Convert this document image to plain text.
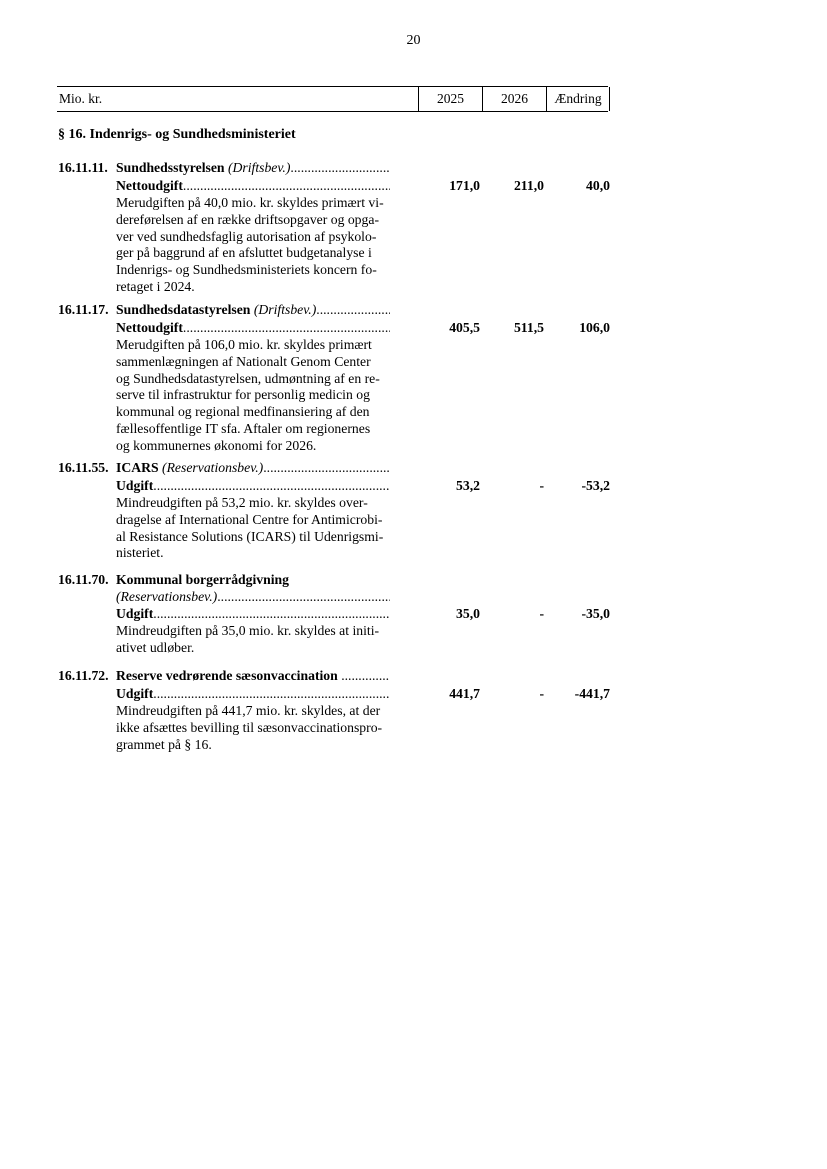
20
Mio. kr.	2025	2026	Ændring
§ 16. Indenrigs- og Sundhedsministeriet
16.11.11. Sundhedsstyrelsen (Driftsbev.)
.....
Nettoudgift .....	171,0	211,0	40,0

Merudgiften på 40,0 mio. kr. skyldes primært vi-

dereførelsen af en række driftsopgaver og opga-

ver ved sundhedsfaglig autorisation af psykolo-

ger på baggrund af en afsluttet budgetanalyse i

Indenrigs- og Sundhedsministeriets koncern fo-

retaget i 2024.

16.11.17. Sundhedsdatastyrelsen (Driftsbev.)
.....
Nettoudgift .....	405,5	511,5	106,0

Merudgiften på 106,0 mio. kr. skyldes primært

sammenlægningen af Nationalt Genom Center

og Sundhedsdatastyrelsen, udmøntning af en re-

serve til infrastruktur for personlig medicin og

kommunal og regional medfinansiering af den

fællesoffentlige IT sfa. Aftaler om regionernes

og kommunernes økonomi for 2026.

16.11.55. ICARS (Reservationsbev.)
.....
Udgift .....	53,2	-	-53,2

Mindreudgiften på 53,2 mio. kr. skyldes over-

dragelse af International Centre for Antimicrobi-

al Resistance Solutions (ICARS) til Udenrigsmi-

nisteriet.

16.11.70. Kommunal borgerrådgivning
(Reservationsbev.)
.....
Udgift .....	35,0	-	-35,0

Mindreudgiften på 35,0 mio. kr. skyldes at initi-

ativet udløber.

16.11.72. Reserve vedrørende sæsonvaccination
.....
Udgift .....	441,7	-	-441,7

Mindreudgiften på 441,7 mio. kr. skyldes, at der

ikke afsættes bevilling til sæsonvaccinationspro-

grammet på § 16.
